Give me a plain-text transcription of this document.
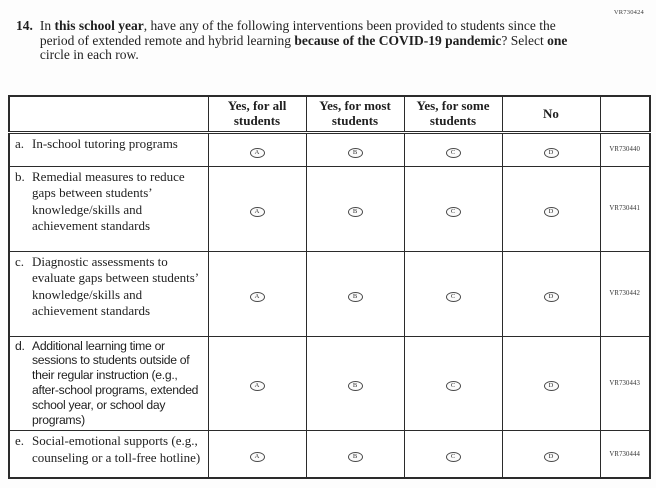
VR730424
14. In this school year, have any of the following interventions been provided to students since the period of extended remote and hybrid learning because of the COVID-19 pandemic? Select one circle in each row.
	Yes, for all students	Yes, for most students	Yes, for some students	No	

a. In-school tutoring programs	A	B	C	D	VR730440

b. Remedial measures to reduce gaps between students’ knowledge/skills and achievement standards	A	B	C	D	VR730441

c. Diagnostic assessments to evaluate gaps between students’ knowledge/skills and achievement standards	A	B	C	D	VR730442

d. Additional learning time or sessions to students outside of their regular instruction (e.g., after-school programs, extended school year, or school day programs)	A	B	C	D	VR730443

e. Social-emotional supports (e.g., counseling or a toll-free hotline)	A	B	C	D	VR730444
